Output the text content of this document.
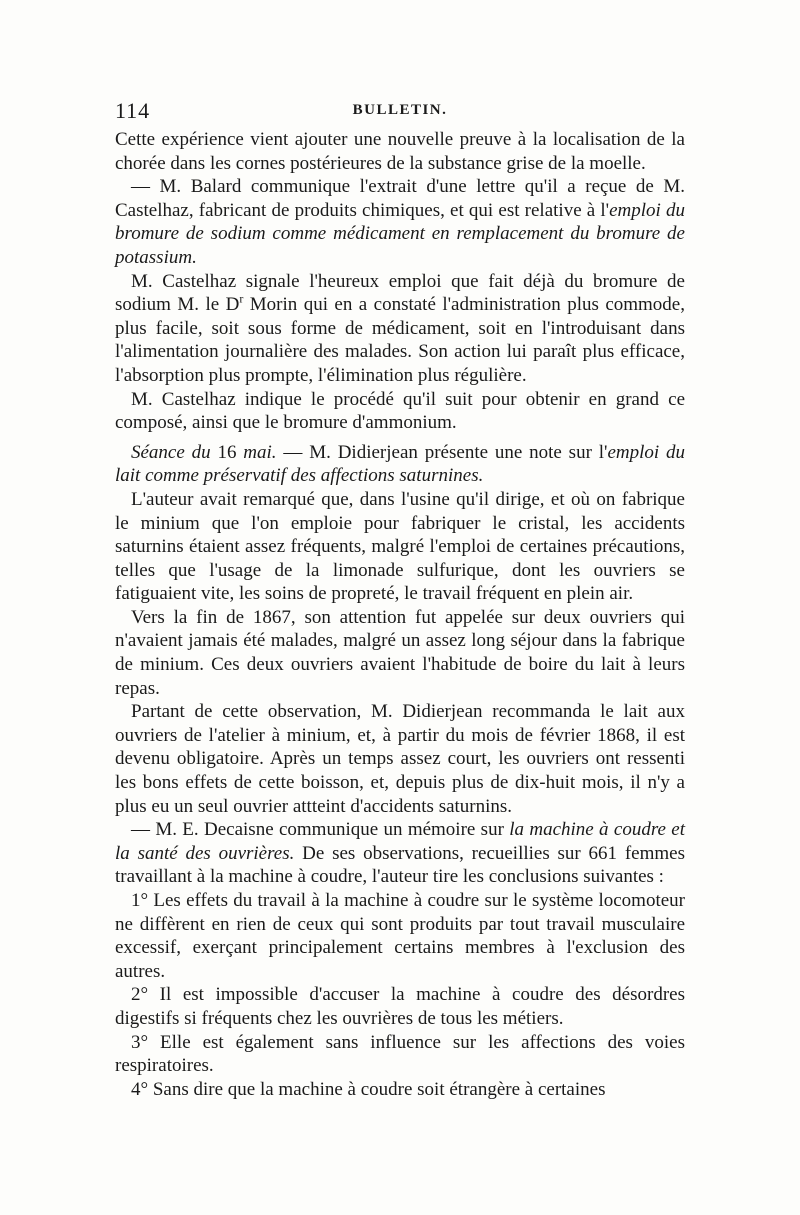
114	BULLETIN.

Cette expérience vient ajouter une nouvelle preuve à la localisation de la chorée dans les cornes postérieures de la substance grise de la moelle.

— M. Balard communique l'extrait d'une lettre qu'il a reçue de M. Castelhaz, fabricant de produits chimiques, et qui est relative à l'emploi du bromure de sodium comme médicament en remplacement du bromure de potassium.

M. Castelhaz signale l'heureux emploi que fait déjà du bromure de sodium M. le $D^r$ Morin qui en a constaté l'administration plus commode, plus facile, soit sous forme de médicament, soit en l'introduisant dans l'alimentation journalière des malades. Son action lui paraît plus efficace, l'absorption plus prompte, l'élimination plus régulière.

M. Castelhaz indique le procédé qu'il suit pour obtenir en grand ce composé, ainsi que le bromure d'ammonium.

Séance du 16 mai. — M. Didierjean présente une note sur l'emploi du lait comme préservatif des affections saturnines.

L'auteur avait remarqué que, dans l'usine qu'il dirige, et où on fabrique le minium que l'on emploie pour fabriquer le cristal, les accidents saturnins étaient assez fréquents, malgré l'emploi de certaines précautions, telles que l'usage de la limonade sulfurique, dont les ouvriers se fatiguaient vite, les soins de propreté, le travail fréquent en plein air.

Vers la fin de 1867, son attention fut appelée sur deux ouvriers qui n'avaient jamais été malades, malgré un assez long séjour dans la fabrique de minium. Ces deux ouvriers avaient l'habitude de boire du lait à leurs repas.

Partant de cette observation, M. Didierjean recommanda le lait aux ouvriers de l'atelier à minium, et, à partir du mois de février 1868, il est devenu obligatoire. Après un temps assez court, les ouvriers ont ressenti les bons effets de cette boisson, et, depuis plus de dix-huit mois, il n'y a plus eu un seul ouvrier attteint d'accidents saturnins.

— M. E. Decaisne communique un mémoire sur la machine à coudre et la santé des ouvrières. De ses observations, recueillies sur 661 femmes travaillant à la machine à coudre, l'auteur tire les conclusions suivantes :

1° Les effets du travail à la machine à coudre sur le système locomoteur ne diffèrent en rien de ceux qui sont produits par tout travail musculaire excessif, exerçant principalement certains membres à l'exclusion des autres.

2° Il est impossible d'accuser la machine à coudre des désordres digestifs si fréquents chez les ouvrières de tous les métiers.

3° Elle est également sans influence sur les affections des voies respiratoires.

4° Sans dire que la machine à coudre soit étrangère à certaines
